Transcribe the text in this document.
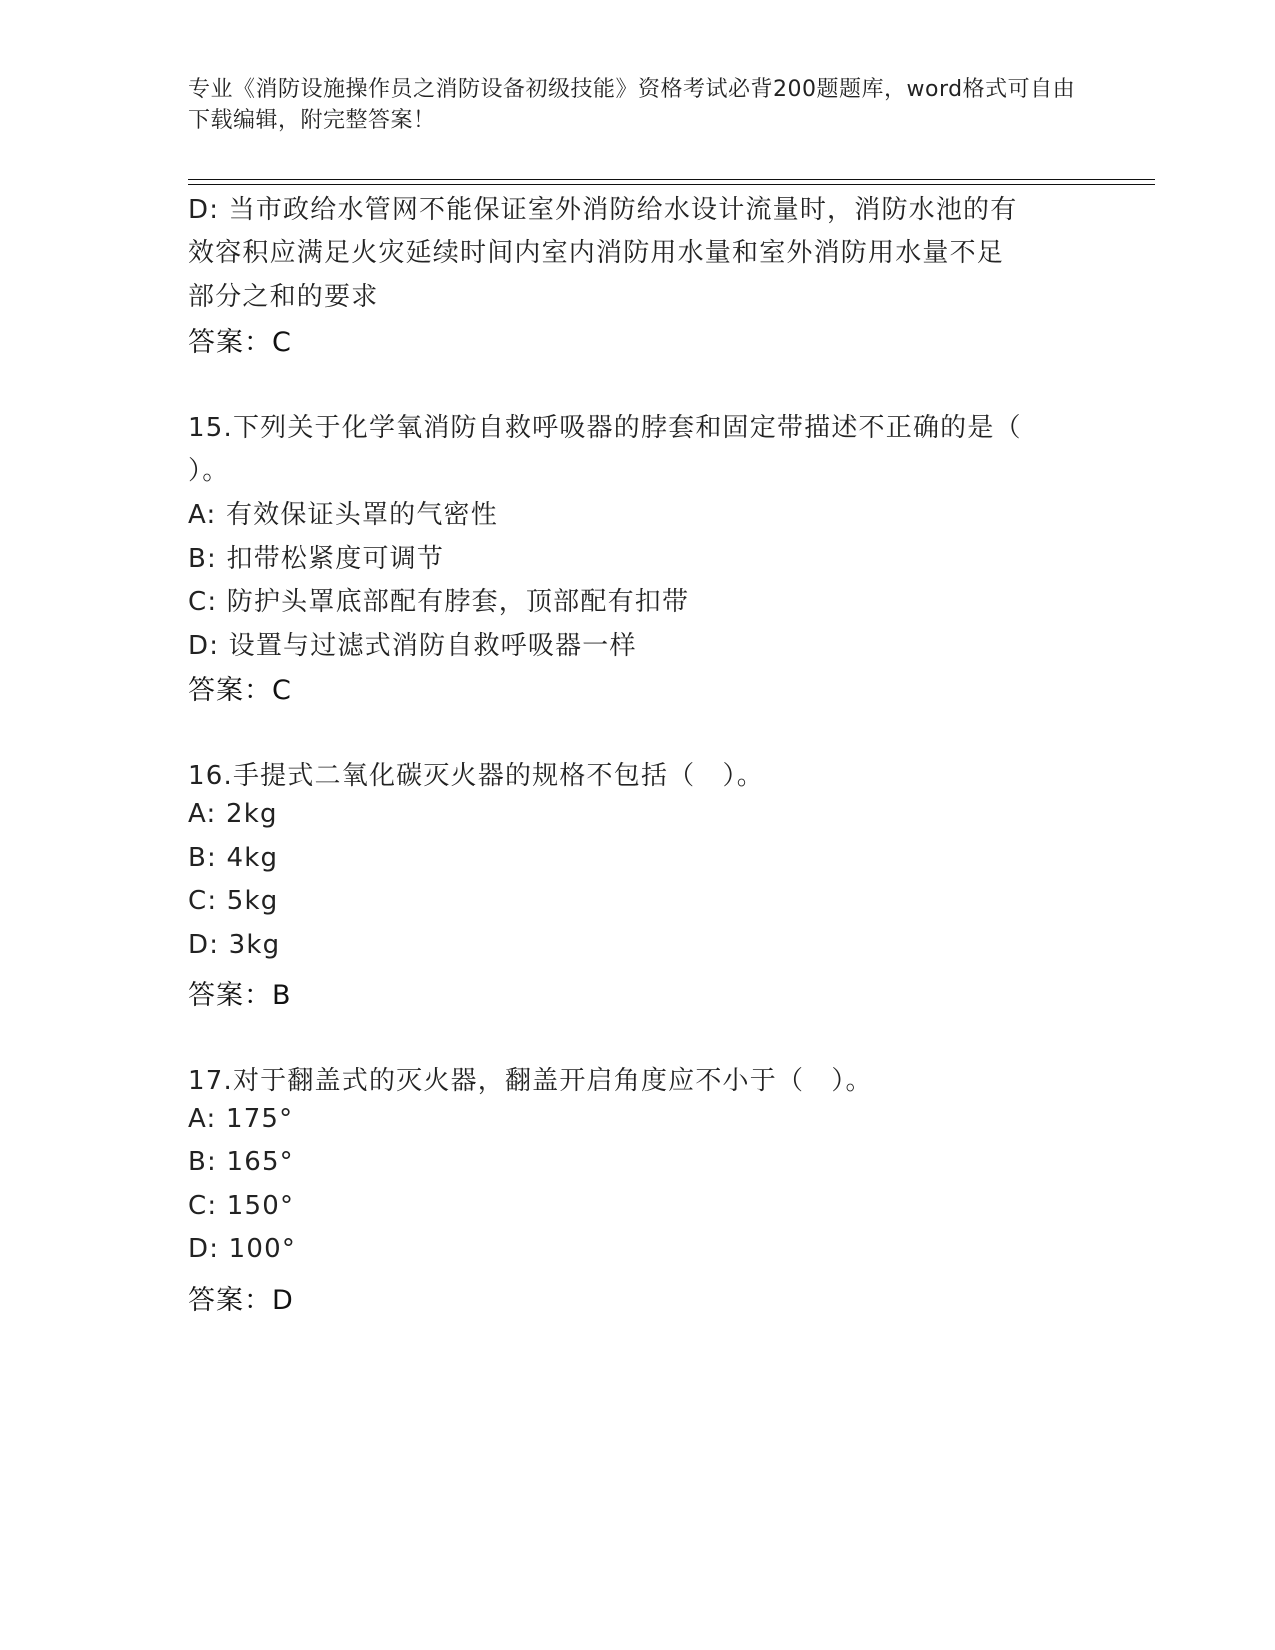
专业《消防设施操作员之消防设备初级技能》资格考试必背200题题库，word格式可自由下载编辑，附完整答案！
D: 当市政给水管网不能保证室外消防给水设计流量时，消防水池的有
效容积应满足火灾延续时间内室内消防用水量和室外消防用水量不足
部分之和的要求
答案：C
15.下列关于化学氧消防自救呼吸器的脖套和固定带描述不正确的是（
）。
A: 有效保证头罩的气密性
B: 扣带松紧度可调节
C: 防护头罩底部配有脖套，顶部配有扣带
D: 设置与过滤式消防自救呼吸器一样
答案：C
16.手提式二氧化碳灭火器的规格不包括（　）。
A: 2kg
B: 4kg
C: 5kg
D: 3kg
答案：B
17.对于翻盖式的灭火器，翻盖开启角度应不小于（　）。
A: 175°
B: 165°
C: 150°
D: 100°
答案：D
